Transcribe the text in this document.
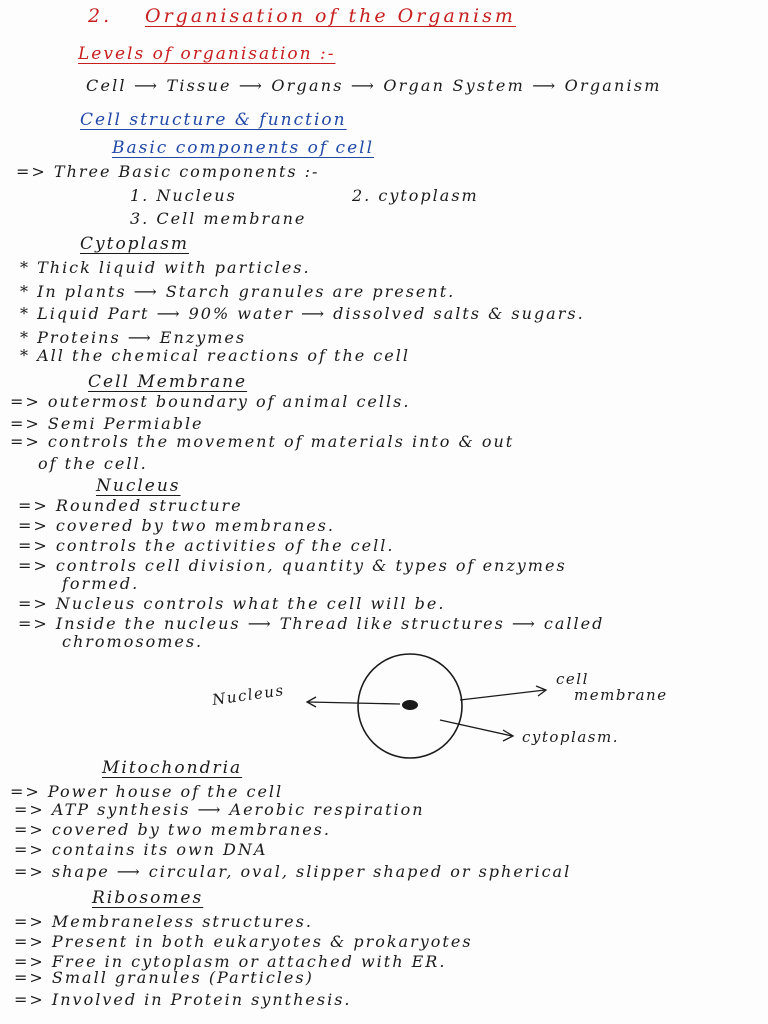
2. Organisation of the Organism
Levels of organisation :-
Cell ⟶ Tissue ⟶ Organs ⟶ Organ System ⟶ Organism
Cell structure & function
Basic components of cell
=> Three Basic components :-
1. Nucleus	2. cytoplasm
3. Cell membrane
Cytoplasm
* Thick liquid with particles.
* In plants ⟶ Starch granules are present.
* Liquid Part ⟶ 90% water ⟶ dissolved salts & sugars.
* Proteins ⟶ Enzymes
* All the chemical reactions of the cell
Cell Membrane
=> outermost boundary of animal cells.
=> Semi Permiable
=> controls the movement of materials into & out
of the cell.
Nucleus
=> Rounded structure
=> covered by two membranes.
=> controls the activities of the cell.
=> controls cell division, quantity & types of enzymes
formed.
=> Nucleus controls what the cell will be.
=> Inside the nucleus ⟶ Thread like structures ⟶ called
chromosomes.
Nucleus
cell
membrane
cytoplasm.
Mitochondria
=> Power house of the cell
=> ATP synthesis ⟶ Aerobic respiration
=> covered by two membranes.
=> contains its own DNA
=> shape ⟶ circular, oval, slipper shaped or spherical
Ribosomes
=> Membraneless structures.
=> Present in both eukaryotes & prokaryotes
=> Free in cytoplasm or attached with ER.
=> Small granules (Particles)
=> Involved in Protein synthesis.
